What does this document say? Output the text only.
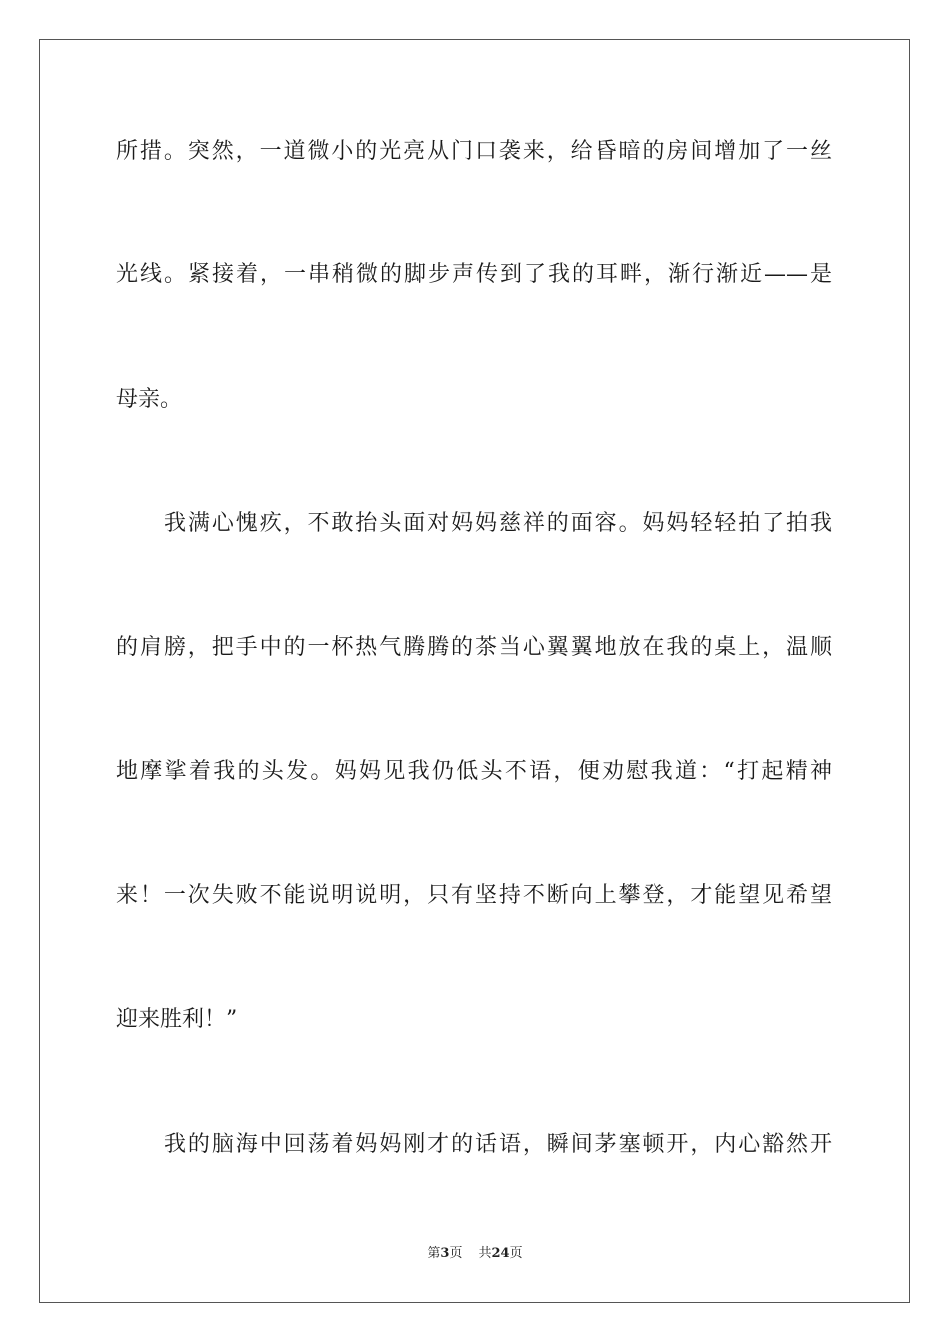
所措。突然，一道微小的光亮从门口袭来，给昏暗的房间增加了一丝
光线。紧接着，一串稍微的脚步声传到了我的耳畔，渐行渐近——是
母亲。
我满心愧疚，不敢抬头面对妈妈慈祥的面容。妈妈轻轻拍了拍我
的肩膀，把手中的一杯热气腾腾的茶当心翼翼地放在我的桌上，温顺
地摩挲着我的头发。妈妈见我仍低头不语，便劝慰我道：“打起精神
来！一次失败不能说明说明，只有坚持不断向上攀登，才能望见希望
迎来胜利！”
我的脑海中回荡着妈妈刚才的话语，瞬间茅塞顿开，内心豁然开
第3页 共24页
